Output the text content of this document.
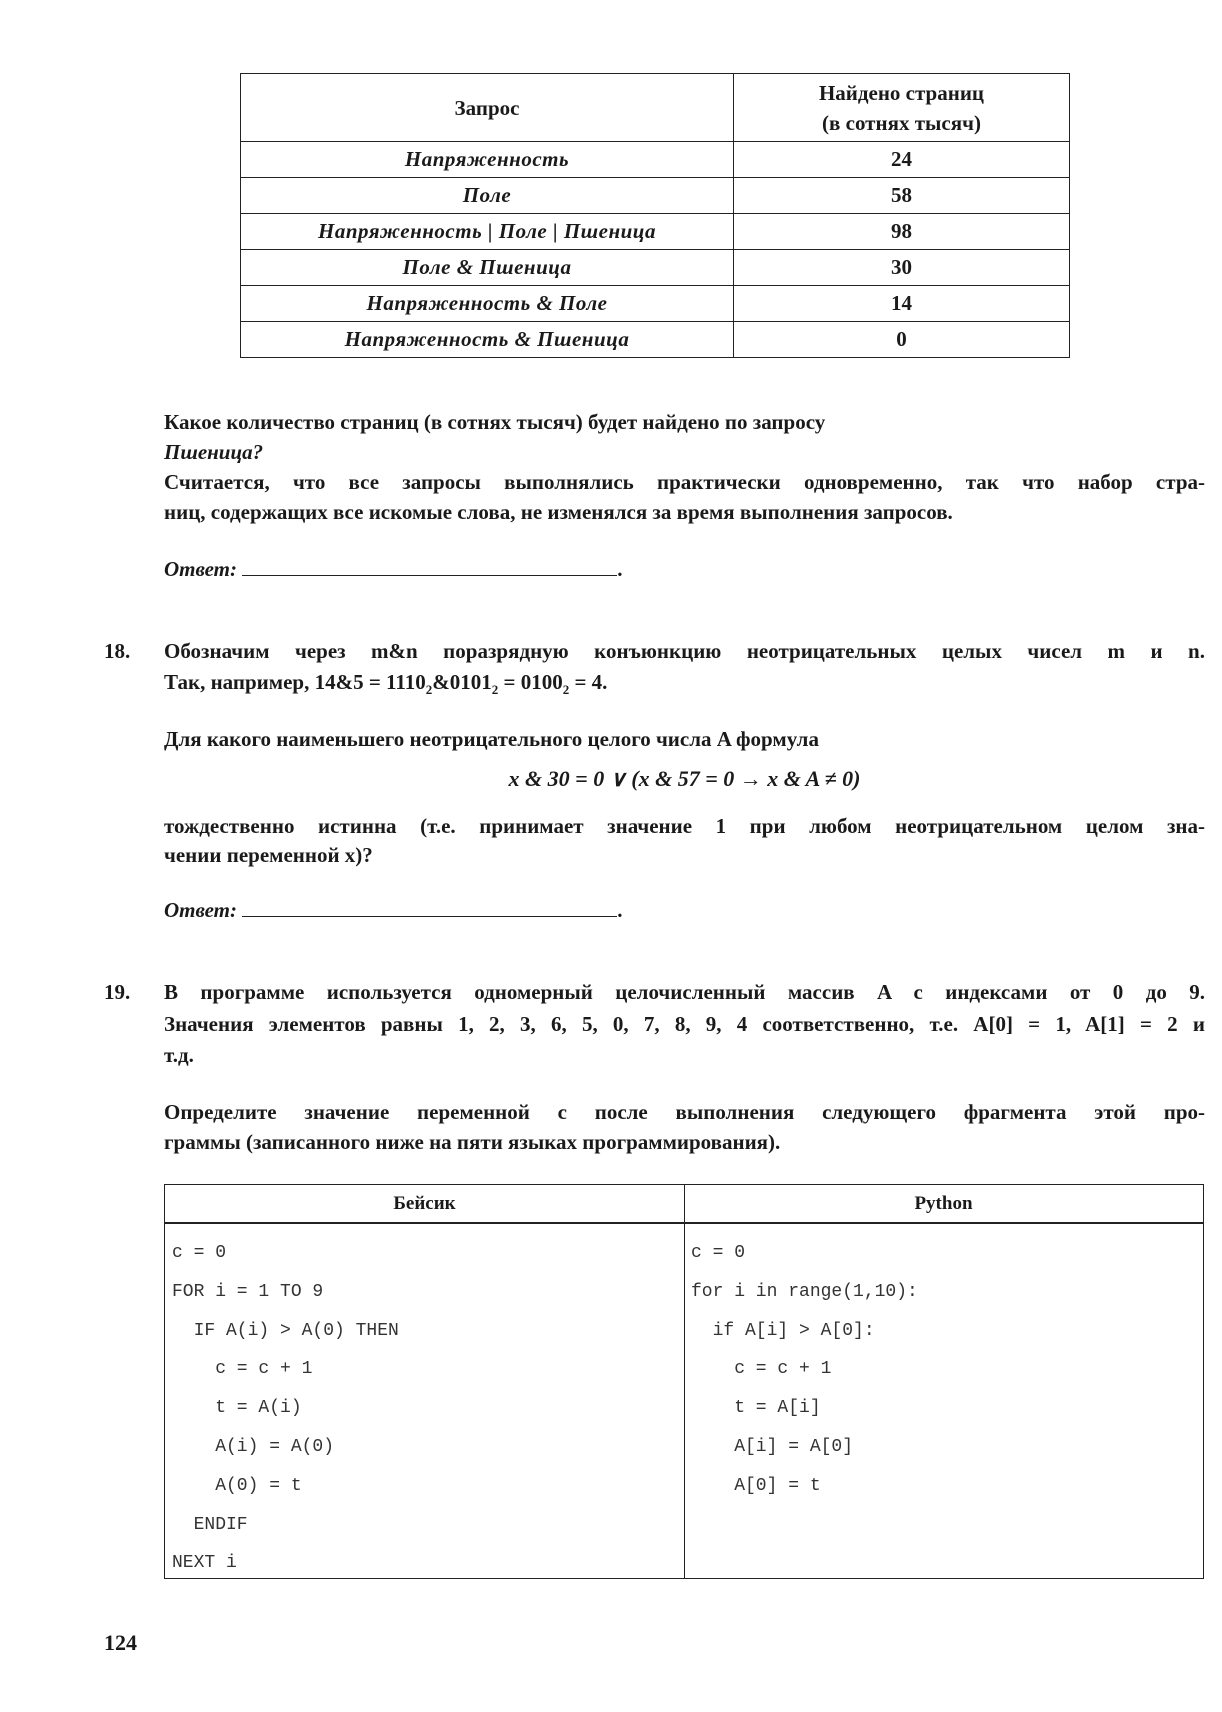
Запрос	Найдено страниц
(в сотнях тысяч)
Напряженность	24
Поле	58
Напряженность | Поле | Пшеница	98
Поле & Пшеница	30
Напряженность & Поле	14
Напряженность & Пшеница	0
Какое количество страниц (в сотнях тысяч) будет найдено по запросу
Пшеница?
Считается, что все запросы выполнялись практически одновременно, так что набор стра-
ниц, содержащих все искомые слова, не изменялся за время выполнения запросов.
Ответ:	.
18. Обозначим через m&n поразрядную конъюнкцию неотрицательных целых чисел m и n.
Так, например, 14&5 = $1110_2\&0101_2 = 0100_2 = 4$.
Для какого наименьшего неотрицательного целого числа A формула
x & 30 = 0 ∨ (x & 57 = 0 → x & A ≠ 0)
тождественно истинна (т.е. принимает значение 1 при любом неотрицательном целом зна-
чении переменной x)?
Ответ:	.
19. В программе используется одномерный целочисленный массив A с индексами от 0 до 9.
Значения элементов равны 1, 2, 3, 6, 5, 0, 7, 8, 9, 4 соответственно, т.е. A[0] = 1, A[1] = 2 и
т.д.
Определите значение переменной c после выполнения следующего фрагмента этой про-
граммы (записанного ниже на пяти языках программирования).
Бейсик	Python
c = 0
FOR i = 1 TO 9
IF A(i) > A(0) THEN
c = c + 1
t = A(i)
A(i) = A(0)
A(0) = t
ENDIF
NEXT i
c = 0
for i in range(1,10):
if A[i] > A[0]:
c = c + 1
t = A[i]
A[i] = A[0]
A[0] = t
124
